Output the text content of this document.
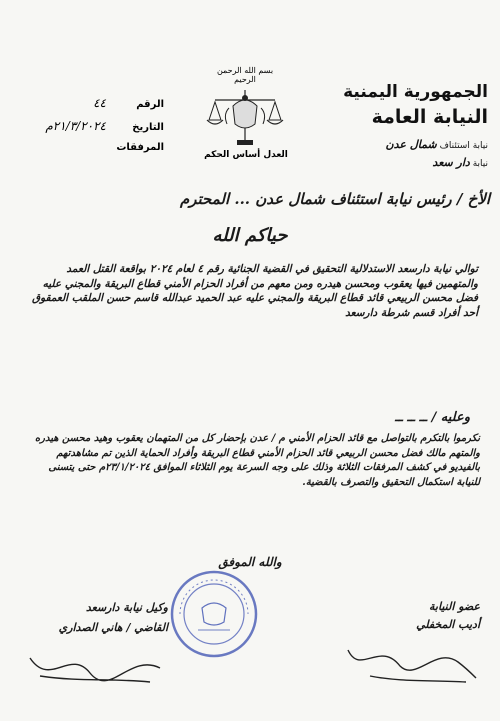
الجمهورية اليمنية
النيابة العامة
نيابة استئناف شمال عدن
نيابة دار سعد
بسم الله الرحمن الرحيم
العدل أساس الحكم
الرقم
٤٤
التاريخ
٢١/٣/٢٠٢٤م
المرفقات
الأخ / رئيس نيابة استئناف شمال عدن ... المحترم
حياكم الله
توالي نيابة دارسعد الاستدلالية التحقيق في القضية الجنائية رقم ٤ لعام ٢٠٢٤ بواقعة القتل العمد والمتهمين فيها يعقوب ومحسن هيدره ومن معهم من أفراد الحزام الأمني قطاع البريقة والمجني عليه فضل محسن الربيعي قائد قطاع البريقة والمجني عليه عبد الحميد عبدالله قاسم حسن الملقب العمقوق أحد أفراد قسم شرطة دارسعد
وعليه / ــ ــ ــ
نكرموا بالتكرم بالتواصل مع قائد الحزام الأمني م / عدن بإحضار كل من المتهمان يعقوب وهيد محسن هيدره والمتهم مالك فضل محسن الربيعي قائد الحزام الأمني قطاع البريقة وأفراد الحماية الذين تم مشاهدتهم بالفيديو في كشف المرفقات الثلاثة وذلك على وجه السرعة يوم الثلاثاء الموافق ٢٣/١/٢٠٢٤م حتى يتسنى للنيابة استكمال التحقيق والتصرف بالقضية.
والله الموفق
وكيل نيابة دارسعد
القاضي / هاني الصداري
عضو النيابة
أديب المخفلي
